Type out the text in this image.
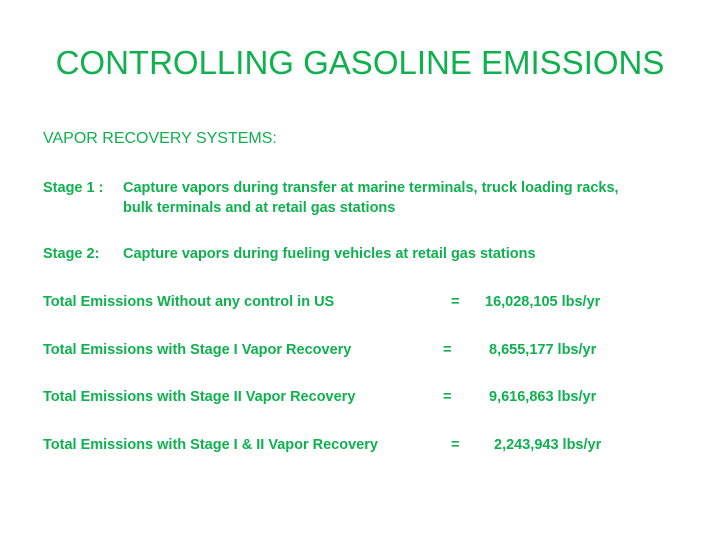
CONTROLLING GASOLINE EMISSIONS
VAPOR RECOVERY SYSTEMS:
Stage 1 : Capture vapors during transfer at marine terminals, truck loading racks,
bulk terminals and at retail gas stations
Stage 2: Capture vapors during fueling vehicles at retail gas stations
Total Emissions Without any control in US	= 16,028,105 lbs/yr
Total Emissions with Stage I Vapor Recovery	=	8,655,177 lbs/yr
Total Emissions with Stage II Vapor Recovery	=	9,616,863 lbs/yr
Total Emissions with Stage I & II Vapor Recovery	= 2,243,943 lbs/yr
